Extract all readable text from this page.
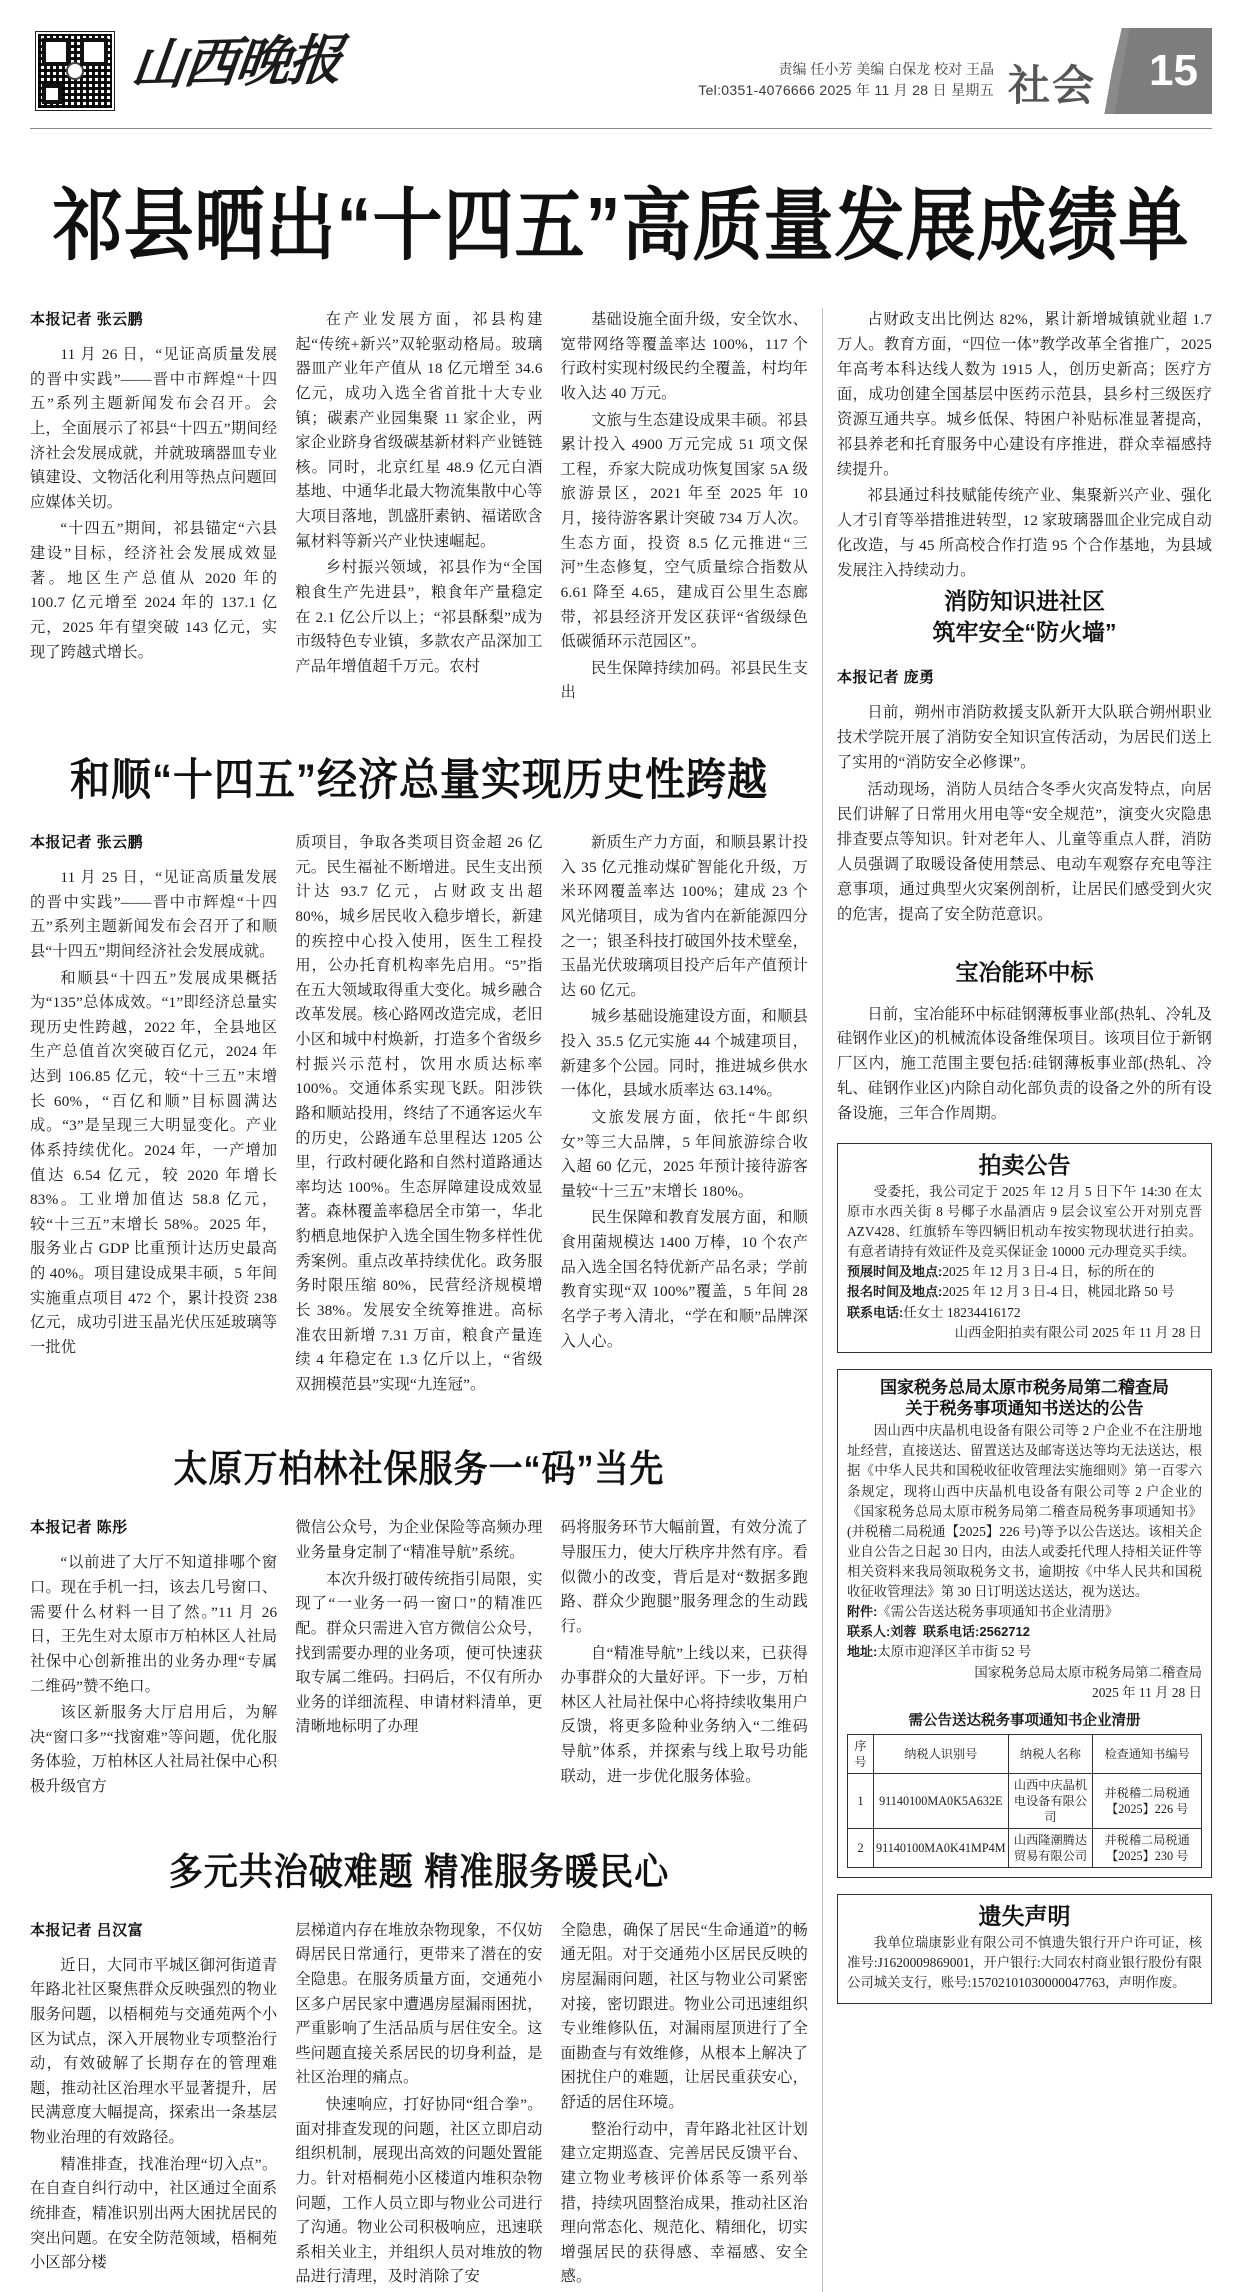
山西晚报	责编 任小芳 美编 白保龙 校对 王晶
Tel:0351-4076666 2025 年 11 月 28 日 星期五 社会 15
祁县晒出“十四五”高质量发展成绩单
本报记者 张云鹏

11 月 26 日，“见证高质量发展的晋中实践”——晋中市辉煌“十四五”系列主题新闻发布会召开。会上，全面展示了祁县“十四五”期间经济社会发展成就，并就玻璃器皿专业镇建设、文物活化利用等热点问题回应媒体关切。

“十四五”期间，祁县锚定“六县建设”目标，经济社会发展成效显著。地区生产总值从 2020 年的 100.7 亿元增至 2024 年的 137.1 亿元，2025 年有望突破 143 亿元，实现了跨越式增长。

在产业发展方面，祁县构建起“传统+新兴”双轮驱动格局。玻璃器皿产业年产值从 18 亿元增至 34.6 亿元，成功入选全省首批十大专业镇；碳素产业园集聚 11 家企业，两家企业跻身省级碳基新材料产业链链核。同时，北京红星 48.9 亿元白酒基地、中通华北最大物流集散中心等大项目落地，凯盛肝素钠、福诺欧含氟材料等新兴产业快速崛起。

乡村振兴领域，祁县作为“全国粮食生产先进县”，粮食年产量稳定在 2.1 亿公斤以上；“祁县酥梨”成为市级特色专业镇，多款农产品深加工产品年增值超千万元。农村

基础设施全面升级，安全饮水、宽带网络等覆盖率达 100%，117 个行政村实现村级民约全覆盖，村均年收入达 40 万元。

文旅与生态建设成果丰硕。祁县累计投入 4900 万元完成 51 项文保工程，乔家大院成功恢复国家 5A 级旅游景区，2021 年至 2025 年 10 月，接待游客累计突破 734 万人次。生态方面，投资 8.5 亿元推进“三河”生态修复，空气质量综合指数从 6.61 降至 4.65，建成百公里生态廊带，祁县经济开发区获评“省级绿色低碳循环示范园区”。

民生保障持续加码。祁县民生支出

和顺“十四五”经济总量实现历史性跨越
本报记者 张云鹏

11 月 25 日，“见证高质量发展的晋中实践”——晋中市辉煌“十四五”系列主题新闻发布会召开了和顺县“十四五”期间经济社会发展成就。

和顺县“十四五”发展成果概括为“135”总体成效。“1”即经济总量实现历史性跨越，2022 年，全县地区生产总值首次突破百亿元，2024 年达到 106.85 亿元，较“十三五”末增长 60%，“百亿和顺”目标圆满达成。“3”是呈现三大明显变化。产业体系持续优化。2024 年，一产增加值达 6.54 亿元，较 2020 年增长 83%。工业增加值达 58.8 亿元，较“十三五”末增长 58%。2025 年，服务业占 GDP 比重预计达历史最高的 40%。项目建设成果丰硕，5 年间实施重点项目 472 个，累计投资 238 亿元，成功引进玉晶光伏压延玻璃等一批优

质项目，争取各类项目资金超 26 亿元。民生福祉不断增进。民生支出预计达 93.7 亿元，占财政支出超 80%，城乡居民收入稳步增长，新建的疾控中心投入使用，医生工程投用，公办托育机构率先启用。“5”指在五大领域取得重大变化。城乡融合改革发展。核心路网改造完成，老旧小区和城中村焕新，打造多个省级乡村振兴示范村，饮用水质达标率 100%。交通体系实现飞跃。阳涉铁路和顺站投用，终结了不通客运火车的历史，公路通车总里程达 1205 公里，行政村硬化路和自然村道路通达率均达 100%。生态屏障建设成效显著。森林覆盖率稳居全市第一，华北豹栖息地保护入选全国生物多样性优秀案例。重点改革持续优化。政务服务时限压缩 80%，民营经济规模增长 38%。发展安全统筹推进。高标准农田新增 7.31 万亩，粮食产量连续 4 年稳定在 1.3 亿斤以上，“省级双拥模范县”实现“九连冠”。

新质生产力方面，和顺县累计投入 35 亿元推动煤矿智能化升级，万米环网覆盖率达 100%；建成 23 个风光储项目，成为省内在新能源四分之一；银圣科技打破国外技术壁垒，玉晶光伏玻璃项目投产后年产值预计达 60 亿元。

城乡基础设施建设方面，和顺县投入 35.5 亿元实施 44 个城建项目，新建多个公园。同时，推进城乡供水一体化，县域水质率达 63.14%。

文旅发展方面，依托“牛郎织女”等三大品牌，5 年间旅游综合收入超 60 亿元，2025 年预计接待游客量较“十三五”末增长 180%。

民生保障和教育发展方面，和顺食用菌规模达 1400 万棒，10 个农产品入选全国名特优新产品名录；学前教育实现“双 100%”覆盖，5 年间 28 名学子考入清北，“学在和顺”品牌深入人心。

太原万柏林社保服务一“码”当先
本报记者 陈彤

“以前进了大厅不知道排哪个窗口。现在手机一扫，该去几号窗口、需要什么材料一目了然。”11 月 26 日，王先生对太原市万柏林区人社局社保中心创新推出的业务办理“专属二维码”赞不绝口。

该区新服务大厅启用后，为解决“窗口多”“找窗难”等问题，优化服务体验，万柏林区人社局社保中心积极升级官方

微信公众号，为企业保险等高频办理业务量身定制了“精准导航”系统。

本次升级打破传统指引局限，实现了“一业务一码一窗口”的精准匹配。群众只需进入官方微信公众号，找到需要办理的业务项，便可快速获取专属二维码。扫码后，不仅有所办业务的详细流程、申请材料清单，更清晰地标明了办理

码将服务环节大幅前置，有效分流了导服压力，使大厅秩序井然有序。看似微小的改变，背后是对“数据多跑路、群众少跑腿”服务理念的生动践行。

自“精准导航”上线以来，已获得办事群众的大量好评。下一步，万柏林区人社局社保中心将持续收集用户反馈，将更多险种业务纳入“二维码导航”体系，并探索与线上取号功能联动，进一步优化服务体验。

多元共治破难题 精准服务暖民心
本报记者 吕汉富

近日，大同市平城区御河街道青年路北社区聚焦群众反映强烈的物业服务问题，以梧桐苑与交通苑两个小区为试点，深入开展物业专项整治行动，有效破解了长期存在的管理难题，推动社区治理水平显著提升，居民满意度大幅提高，探索出一条基层物业治理的有效路径。

精准排查，找准治理“切入点”。在自查自纠行动中，社区通过全面系统排查，精准识别出两大困扰居民的突出问题。在安全防范领域，梧桐苑小区部分楼

层梯道内存在堆放杂物现象，不仅妨碍居民日常通行，更带来了潜在的安全隐患。在服务质量方面，交通苑小区多户居民家中遭遇房屋漏雨困扰，严重影响了生活品质与居住安全。这些问题直接关系居民的切身利益，是社区治理的痛点。

快速响应，打好协同“组合拳”。面对排查发现的问题，社区立即启动组织机制，展现出高效的问题处置能力。针对梧桐苑小区楼道内堆积杂物问题，工作人员立即与物业公司进行了沟通。物业公司积极响应，迅速联系相关业主，并组织人员对堆放的物品进行清理，及时消除了安

全隐患，确保了居民“生命通道”的畅通无阻。对于交通苑小区居民反映的房屋漏雨问题，社区与物业公司紧密对接，密切跟进。物业公司迅速组织专业维修队伍，对漏雨屋顶进行了全面勘查与有效维修，从根本上解决了困扰住户的难题，让居民重获安心，舒适的居住环境。

整治行动中，青年路北社区计划建立定期巡查、完善居民反馈平台、建立物业考核评价体系等一系列举措，持续巩固整治成果，推动社区治理向常态化、规范化、精细化，切实增强居民的获得感、幸福感、安全感。

占财政支出比例达 82%，累计新增城镇就业超 1.7 万人。教育方面，“四位一体”教学改革全省推广，2025 年高考本科达线人数为 1915 人，创历史新高；医疗方面，成功创建全国基层中医药示范县，县乡村三级医疗资源互通共享。城乡低保、特困户补贴标准显著提高，祁县养老和托育服务中心建设有序推进，群众幸福感持续提升。

祁县通过科技赋能传统产业、集聚新兴产业、强化人才引育等举措推进转型，12 家玻璃器皿企业完成自动化改造，与 45 所高校合作打造 95 个合作基地，为县域发展注入持续动力。

消防知识进社区
筑牢安全“防火墙”
本报记者 庞勇

日前，朔州市消防救援支队新开大队联合朔州职业技术学院开展了消防安全知识宣传活动，为居民们送上了实用的“消防安全必修课”。

活动现场，消防人员结合冬季火灾高发特点，向居民们讲解了日常用火用电等“安全规范”，演变火灾隐患排查要点等知识。针对老年人、儿童等重点人群，消防人员强调了取暖设备使用禁忌、电动车观察存充电等注意事项，通过典型火灾案例剖析，让居民们感受到火灾的危害，提高了安全防范意识。

宝冶能环中标

日前，宝冶能环中标硅钢薄板事业部(热轧、冷轧及硅钢作业区)的机械流体设备维保项目。该项目位于新钢厂区内，施工范围主要包括:硅钢薄板事业部(热轧、冷轧、硅钢作业区)内除自动化部负责的设备之外的所有设备设施，三年合作周期。

拍卖公告

受委托，我公司定于 2025 年 12 月 5 日下午 14:30 在太原市水西关街 8 号椰子水晶酒店 9 层会议室公开对别克晋 AZV428、红旗轿车等四辆旧机动车按实物现状进行拍卖。有意者请持有效证件及竞买保证金 10000 元办理竞买手续。

预展时间及地点:2025 年 12 月 3 日-4 日，标的所在的

报名时间及地点:2025 年 12 月 3 日-4 日，桃园北路 50 号

联系电话:任女士 18234416172

山西金阳拍卖有限公司 2025 年 11 月 28 日

国家税务总局太原市税务局第二稽查局
关于税务事项通知书送达的公告

因山西中庆晶机电设备有限公司等 2 户企业不在注册地址经营，直接送达、留置送达及邮寄送达等均无法送达，根据《中华人民共和国税收征收管理法实施细则》第一百零六条规定，现将山西中庆晶机电设备有限公司等 2 户企业的《国家税务总局太原市税务局第二稽查局税务事项通知书》(并税稽二局税通【2025】226 号)等予以公告送达。该相关企业自公告之日起 30 日内，由法人或委托代理人持相关证件等相关资料来我局领取税务文书，逾期按《中华人民共和国税收征收管理法》第 30 日订明送达送达，视为送达。

附件:《需公告送达税务事项通知书企业清册》

联系人:刘蓉 联系电话:2562712

地址:太原市迎泽区羊市街 52 号

国家税务总局太原市税务局第二稽查局

2025 年 11 月 28 日

需公告送达税务事项通知书企业清册
序号	纳税人识别号	纳税人名称	检查通知书编号
1	91140100MA0K5A632E	山西中庆晶机电设备有限公司	并税稽二局税通【2025】226 号
2	91140100MA0K41MP4M	山西隆潮腾达贸易有限公司	并税稽二局税通【2025】230 号
遗失声明

我单位瑞康影业有限公司不慎遗失银行开户许可证，核准号:J1620009869001，开户银行:大同农村商业银行股份有限公司城关支行，账号:15702101030000047763，声明作废。
